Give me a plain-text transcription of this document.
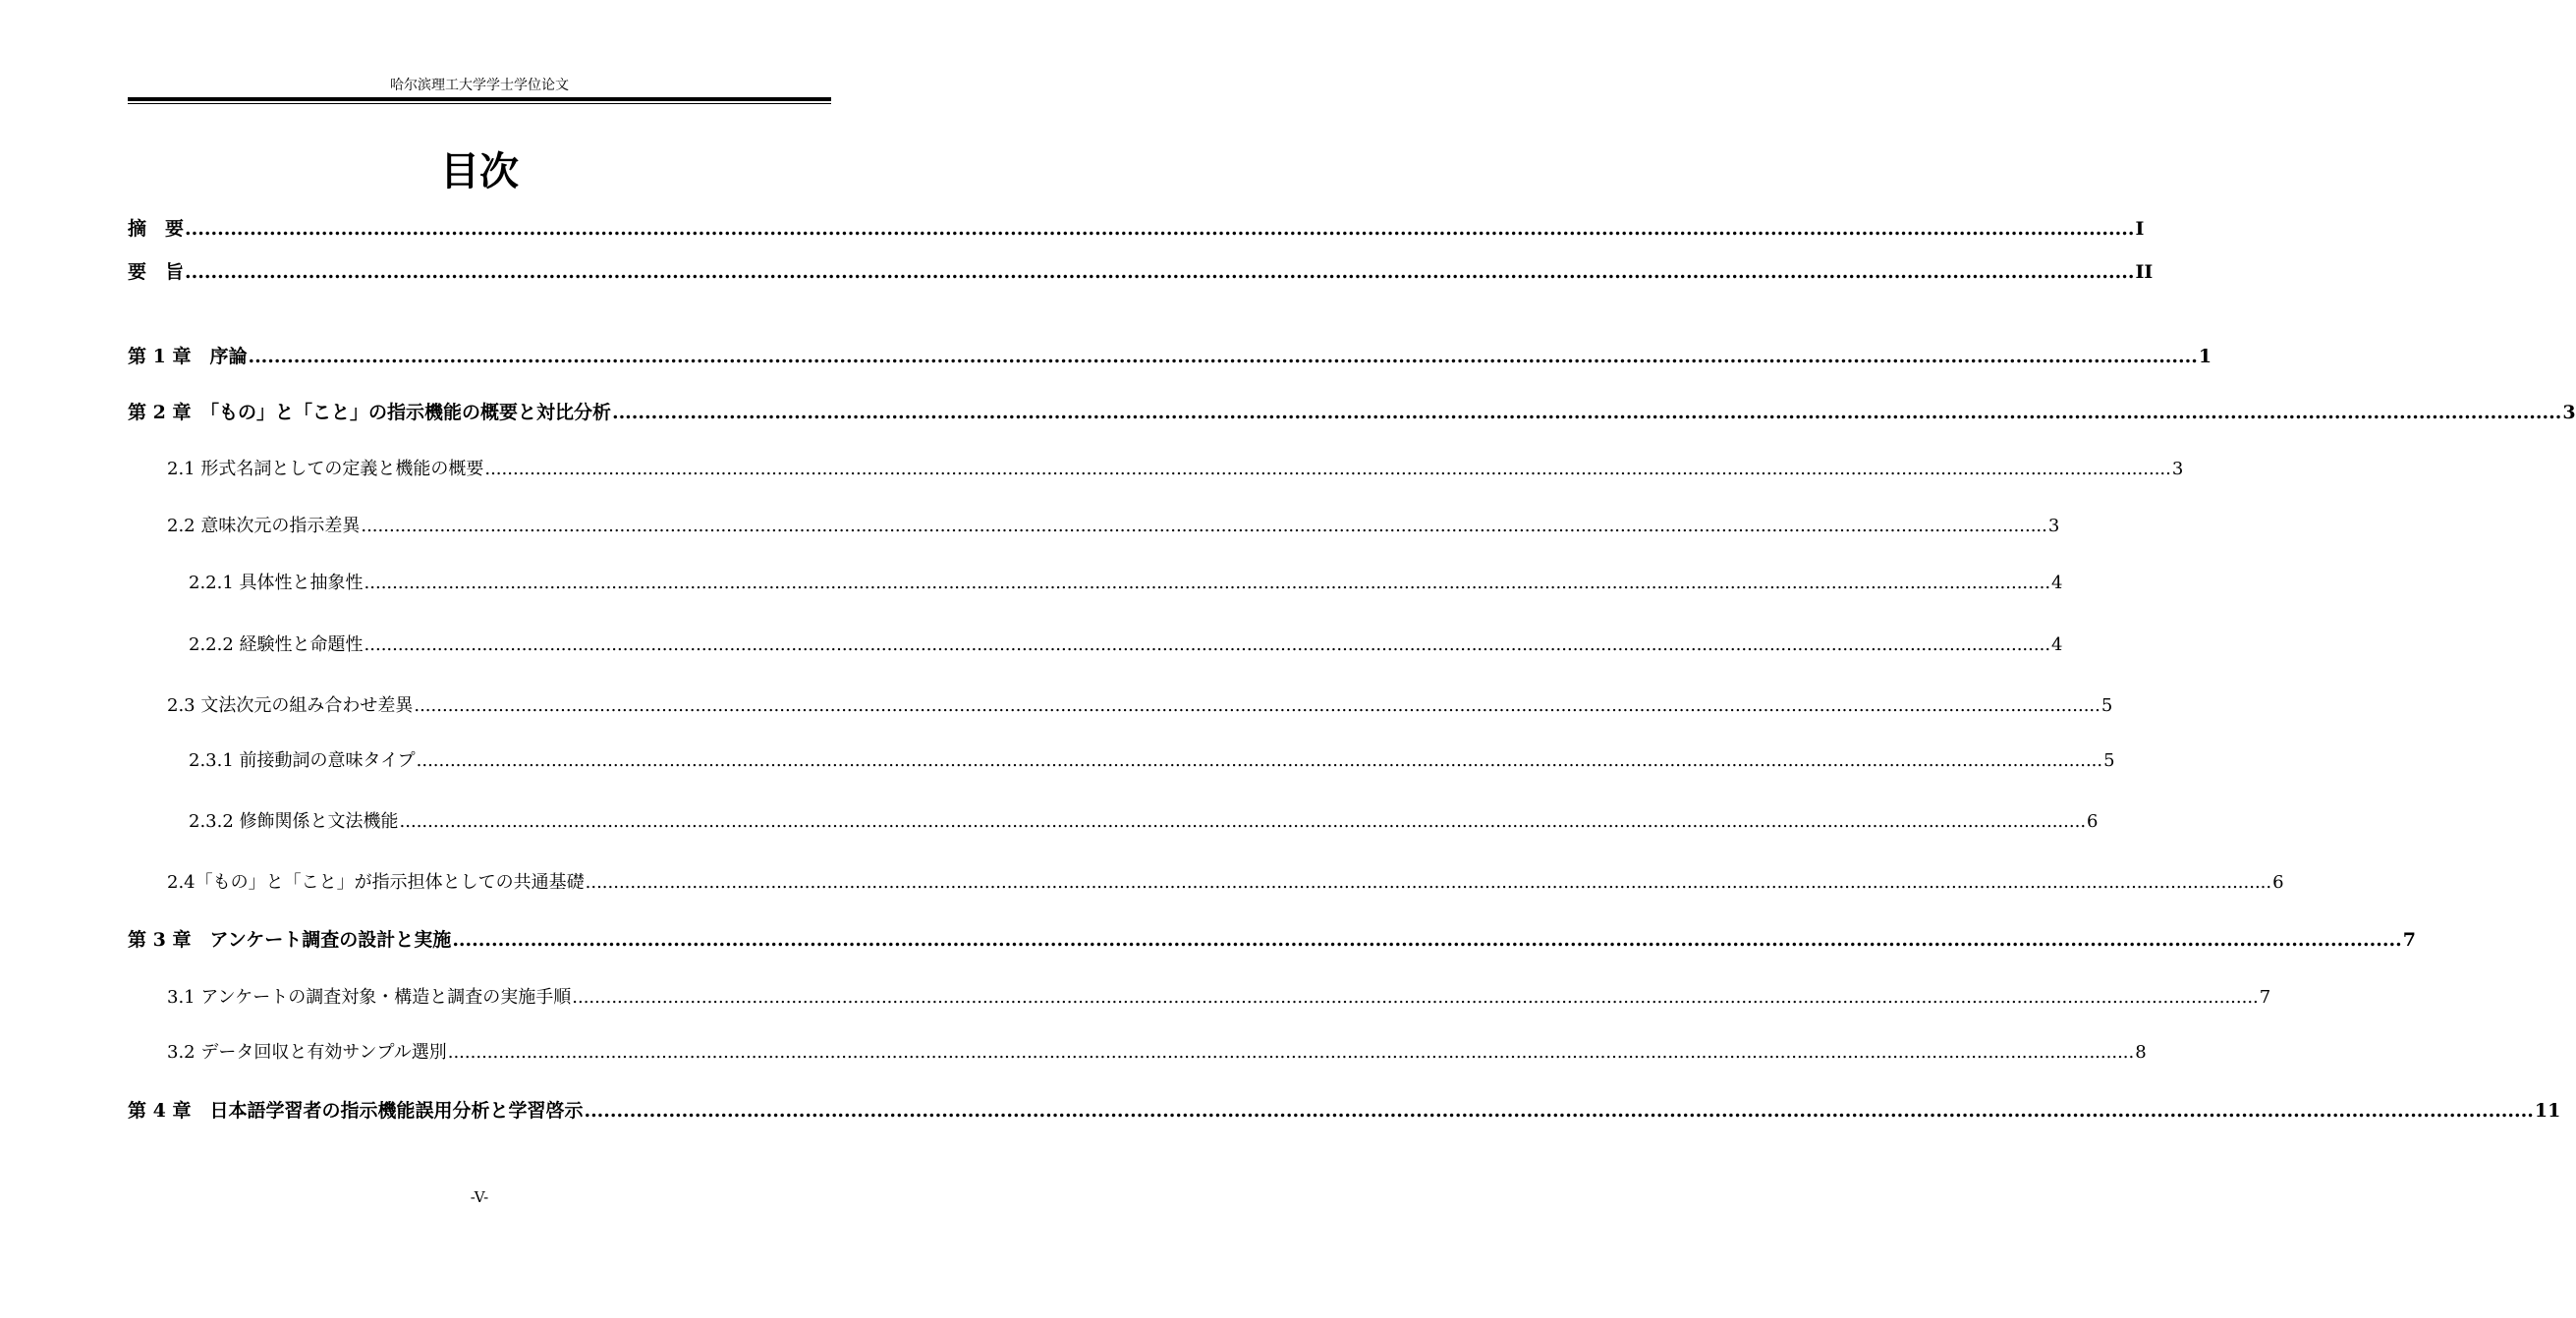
哈尔滨理工大学学士学位论文
目次
摘　要 ............................................................................................................................................................................................................................................................................................................ I
要　旨 ............................................................................................................................................................................................................................................................................................................ II
第 1 章　序論 ............................................................................................................................................................................................................................................................................................................ 1
第 2 章　「もの」と「こと」の指示機能の概要と対比分析 ............................................................................................................................................................................................................................................................................................................ 3
2.1 形式名詞としての定義と機能の概要 ............................................................................................................................................................................................................................................................................................................ 3
2.2 意味次元の指示差異 ............................................................................................................................................................................................................................................................................................................ 3
2.2.1 具体性と抽象性 ............................................................................................................................................................................................................................................................................................................ 4
2.2.2 経験性と命題性 ............................................................................................................................................................................................................................................................................................................ 4
2.3 文法次元の組み合わせ差異 ............................................................................................................................................................................................................................................................................................................ 5
2.3.1 前接動詞の意味タイプ ............................................................................................................................................................................................................................................................................................................ 5
2.3.2 修飾関係と文法機能 ............................................................................................................................................................................................................................................................................................................ 6
2.4「もの」と「こと」が指示担体としての共通基礎 ............................................................................................................................................................................................................................................................................................................ 6
第 3 章　アンケート調査の設計と実施 ............................................................................................................................................................................................................................................................................................................ 7
3.1 アンケートの調査対象・構造と調査の実施手順 ............................................................................................................................................................................................................................................................................................................ 7
3.2 データ回収と有効サンプル選別 ............................................................................................................................................................................................................................................................................................................ 8
第 4 章　日本語学習者の指示機能誤用分析と学習啓示 ............................................................................................................................................................................................................................................................................................................ 11
-V-
